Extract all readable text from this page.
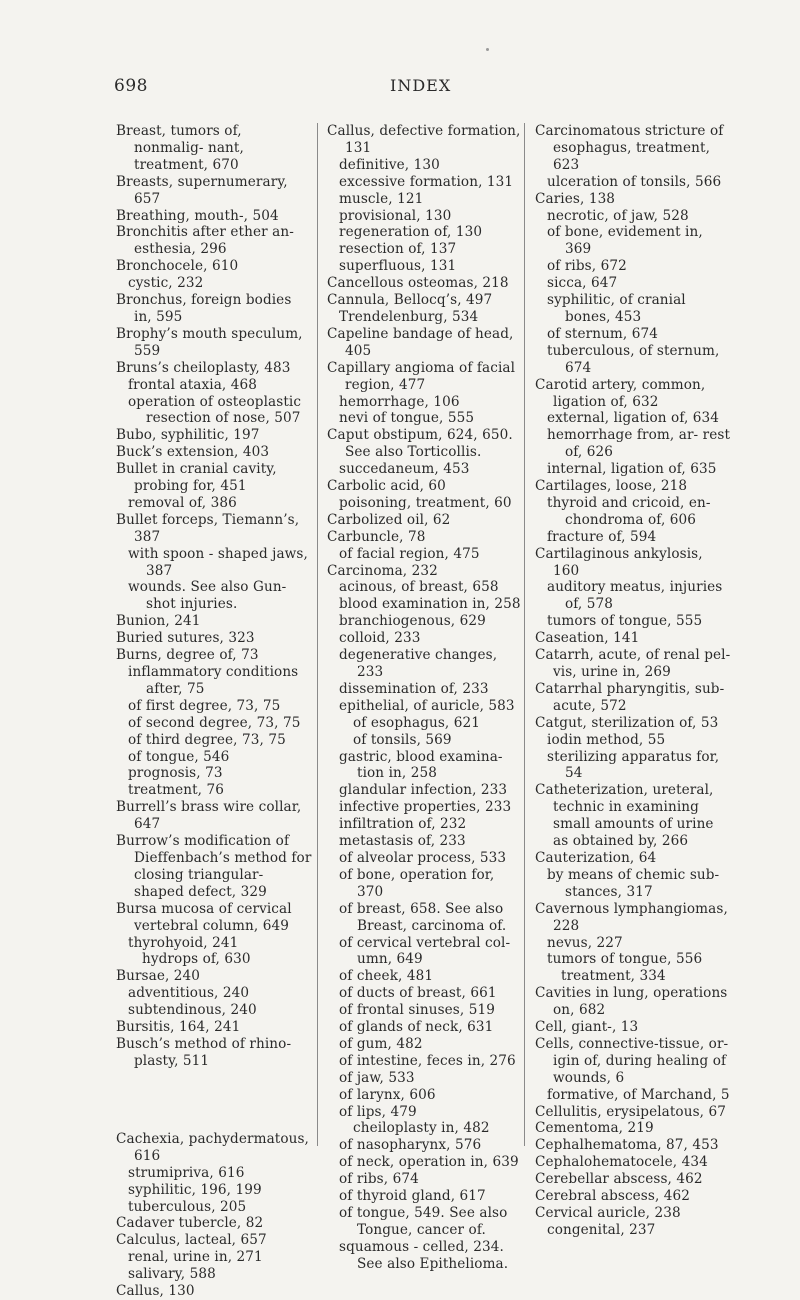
698	INDEX

Breast, tumors of, nonmalig- nant, treatment, 670

Breasts, supernumerary, 657

Breathing, mouth-, 504

Bronchitis after ether an- esthesia, 296

Bronchocele, 610

cystic, 232

Bronchus, foreign bodies in, 595

Brophy’s mouth speculum, 559

Bruns’s cheiloplasty, 483

frontal ataxia, 468

operation of osteoplastic resection of nose, 507

Bubo, syphilitic, 197

Buck’s extension, 403

Bullet in cranial cavity, probing for, 451

removal of, 386

Bullet forceps, Tiemann’s, 387

with spoon - shaped jaws, 387

wounds. See also Gun- shot injuries.

Bunion, 241

Buried sutures, 323

Burns, degree of, 73

inflammatory conditions after, 75

of first degree, 73, 75

of second degree, 73, 75

of third degree, 73, 75

of tongue, 546

prognosis, 73

treatment, 76

Burrell’s brass wire collar, 647

Burrow’s modification of Dieffenbach’s method for closing triangular-shaped defect, 329

Bursa mucosa of cervical vertebral column, 649

thyrohyoid, 241

hydrops of, 630

Bursae, 240

adventitious, 240

subtendinous, 240

Bursitis, 164, 241

Busch’s method of rhino- plasty, 511

Cachexia, pachydermatous, 616

strumipriva, 616

syphilitic, 196, 199

tuberculous, 205

Cadaver tubercle, 82

Calculus, lacteal, 657

renal, urine in, 271

salivary, 588

Callus, 130

Callus, defective formation, 131

definitive, 130

excessive formation, 131

muscle, 121

provisional, 130

regeneration of, 130

resection of, 137

superfluous, 131

Cancellous osteomas, 218

Cannula, Bellocq’s, 497

Trendelenburg, 534

Capeline bandage of head, 405

Capillary angioma of facial region, 477

hemorrhage, 106

nevi of tongue, 555

Caput obstipum, 624, 650. See also Torticollis.

succedaneum, 453

Carbolic acid, 60

poisoning, treatment, 60

Carbolized oil, 62

Carbuncle, 78

of facial region, 475

Carcinoma, 232

acinous, of breast, 658

blood examination in, 258

branchiogenous, 629

colloid, 233

degenerative changes, 233

dissemination of, 233

epithelial, of auricle, 583

of esophagus, 621

of tonsils, 569

gastric, blood examina- tion in, 258

glandular infection, 233

infective properties, 233

infiltration of, 232

metastasis of, 233

of alveolar process, 533

of bone, operation for, 370

of breast, 658. See also Breast, carcinoma of.

of cervical vertebral col- umn, 649

of cheek, 481

of ducts of breast, 661

of frontal sinuses, 519

of glands of neck, 631

of gum, 482

of intestine, feces in, 276

of jaw, 533

of larynx, 606

of lips, 479

cheiloplasty in, 482

of nasopharynx, 576

of neck, operation in, 639

of ribs, 674

of thyroid gland, 617

of tongue, 549. See also Tongue, cancer of.

squamous - celled, 234. See also Epithelioma.

Carcinomatous stricture of esophagus, treatment, 623

ulceration of tonsils, 566

Caries, 138

necrotic, of jaw, 528

of bone, evidement in, 369

of ribs, 672

sicca, 647

syphilitic, of cranial bones, 453

of sternum, 674

tuberculous, of sternum, 674

Carotid artery, common, ligation of, 632

external, ligation of, 634

hemorrhage from, ar- rest of, 626

internal, ligation of, 635

Cartilages, loose, 218

thyroid and cricoid, en- chondroma of, 606

fracture of, 594

Cartilaginous ankylosis, 160

auditory meatus, injuries of, 578

tumors of tongue, 555

Caseation, 141

Catarrh, acute, of renal pel- vis, urine in, 269

Catarrhal pharyngitis, sub- acute, 572

Catgut, sterilization of, 53

iodin method, 55

sterilizing apparatus for, 54

Catheterization, ureteral, technic in examining small amounts of urine as obtained by, 266

Cauterization, 64

by means of chemic sub- stances, 317

Cavernous lymphangiomas, 228

nevus, 227

tumors of tongue, 556

treatment, 334

Cavities in lung, operations on, 682

Cell, giant-, 13

Cells, connective-tissue, or- igin of, during healing of wounds, 6

formative, of Marchand, 5

Cellulitis, erysipelatous, 67

Cementoma, 219

Cephalhematoma, 87, 453

Cephalohematocele, 434

Cerebellar abscess, 462

Cerebral abscess, 462

Cervical auricle, 238

congenital, 237
